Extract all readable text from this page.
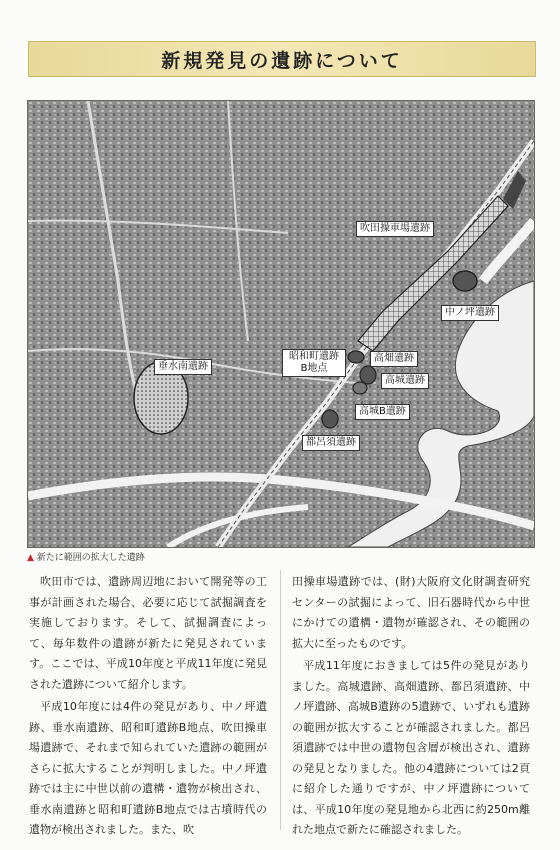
新規発見の遺跡について
吹田操車場遺跡
中ノ坪遺跡
垂水南遺跡
昭和町遺跡
B地点
高畑遺跡
高城遺跡
高城B遺跡
都呂須遺跡
▲ 新たに範囲の拡大した遺跡

吹田市では、遺跡周辺地において開発等の工事が計画された場合、必要に応じて試掘調査を実施しております。そして、試掘調査によって、毎年数件の遺跡が新たに発見されています。ここでは、平成10年度と平成11年度に発見された遺跡について紹介します。

平成10年度には4件の発見があり、中ノ坪遺跡、垂水南遺跡、昭和町遺跡B地点、吹田操車場遺跡で、それまで知られていた遺跡の範囲がさらに拡大することが判明しました。中ノ坪遺跡では主に中世以前の遺構・遺物が検出され、垂水南遺跡と昭和町遺跡B地点では古墳時代の遺物が検出されました。また、吹

田操車場遺跡では、(財)大阪府文化財調査研究センターの試掘によって、旧石器時代から中世にかけての遺構・遺物が確認され、その範囲の拡大に至ったものです。

平成11年度におきましては5件の発見がありました。高城遺跡、高畑遺跡、都呂須遺跡、中ノ坪遺跡、高城B遺跡の5遺跡で、いずれも遺跡の範囲が拡大することが確認されました。都呂須遺跡では中世の遺物包含層が検出され、遺跡の発見となりました。他の4遺跡については2頁に紹介した通りですが、中ノ坪遺跡については、平成10年度の発見地から北西に約250m離れた地点で新たに確認されました。
